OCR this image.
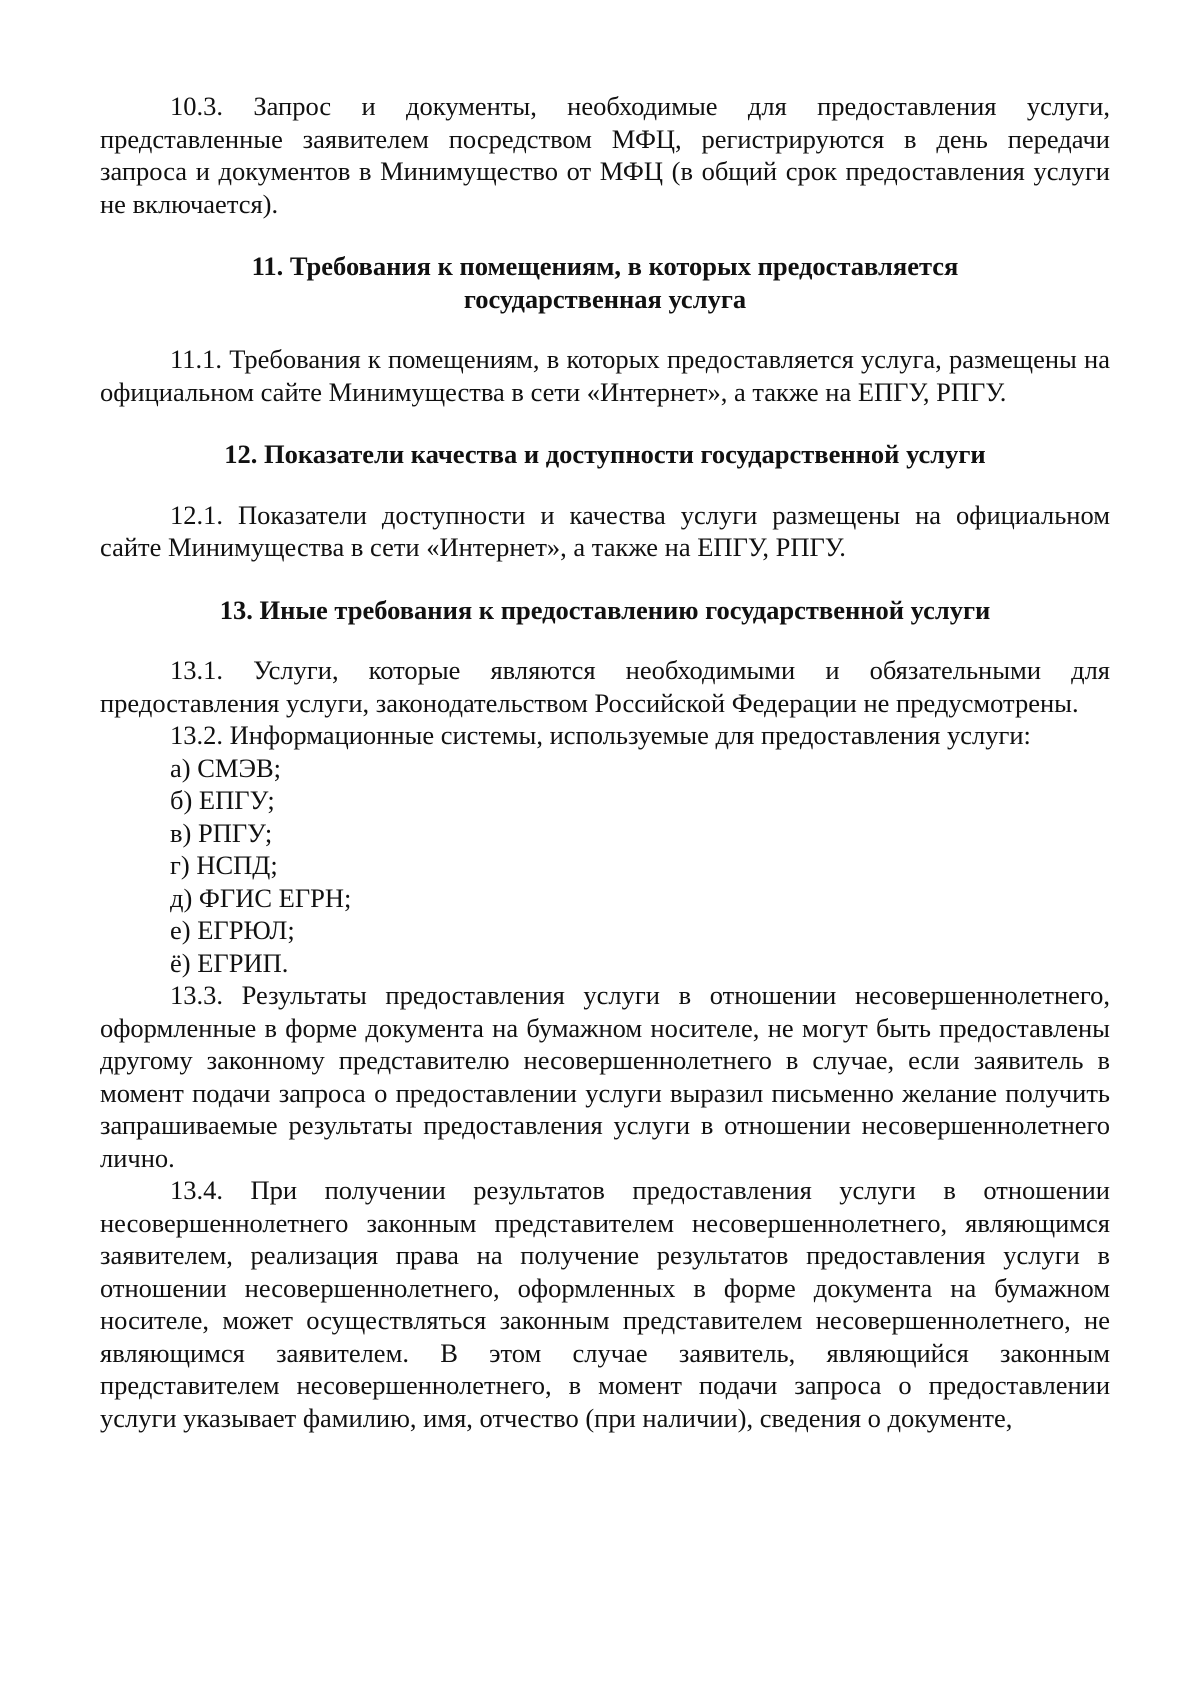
10.3. Запрос и документы, необходимые для предоставления услуги, представленные заявителем посредством МФЦ, регистрируются в день передачи запроса и документов в Минимущество от МФЦ (в общий срок предоставления услуги не включается).

11. Требования к помещениям, в которых предоставляется
государственная услуга

11.1. Требования к помещениям, в которых предоставляется услуга, размещены на официальном сайте Минимущества в сети «Интернет», а также на ЕПГУ, РПГУ.

12. Показатели качества и доступности государственной услуги

12.1. Показатели доступности и качества услуги размещены на официальном сайте Минимущества в сети «Интернет», а также на ЕПГУ, РПГУ.

13. Иные требования к предоставлению государственной услуги

13.1. Услуги, которые являются необходимыми и обязательными для предоставления услуги, законодательством Российской Федерации не предусмотрены.

13.2. Информационные системы, используемые для предоставления услуги:

а) СМЭВ;

б) ЕПГУ;

в) РПГУ;

г) НСПД;

д) ФГИС ЕГРН;

е) ЕГРЮЛ;

ё) ЕГРИП.

13.3. Результаты предоставления услуги в отношении несовершеннолетнего, оформленные в форме документа на бумажном носителе, не могут быть предоставлены другому законному представителю несовершеннолетнего в случае, если заявитель в момент подачи запроса о предоставлении услуги выразил письменно желание получить запрашиваемые результаты предоставления услуги в отношении несовершеннолетнего лично.

13.4. При получении результатов предоставления услуги в отношении несовершеннолетнего законным представителем несовершеннолетнего, являющимся заявителем, реализация права на получение результатов предоставления услуги в отношении несовершеннолетнего, оформленных в форме документа на бумажном носителе, может осуществляться законным представителем несовершеннолетнего, не являющимся заявителем. В этом случае заявитель, являющийся законным представителем несовершеннолетнего, в момент подачи запроса о предоставлении услуги указывает фамилию, имя, отчество (при наличии), сведения о документе,
